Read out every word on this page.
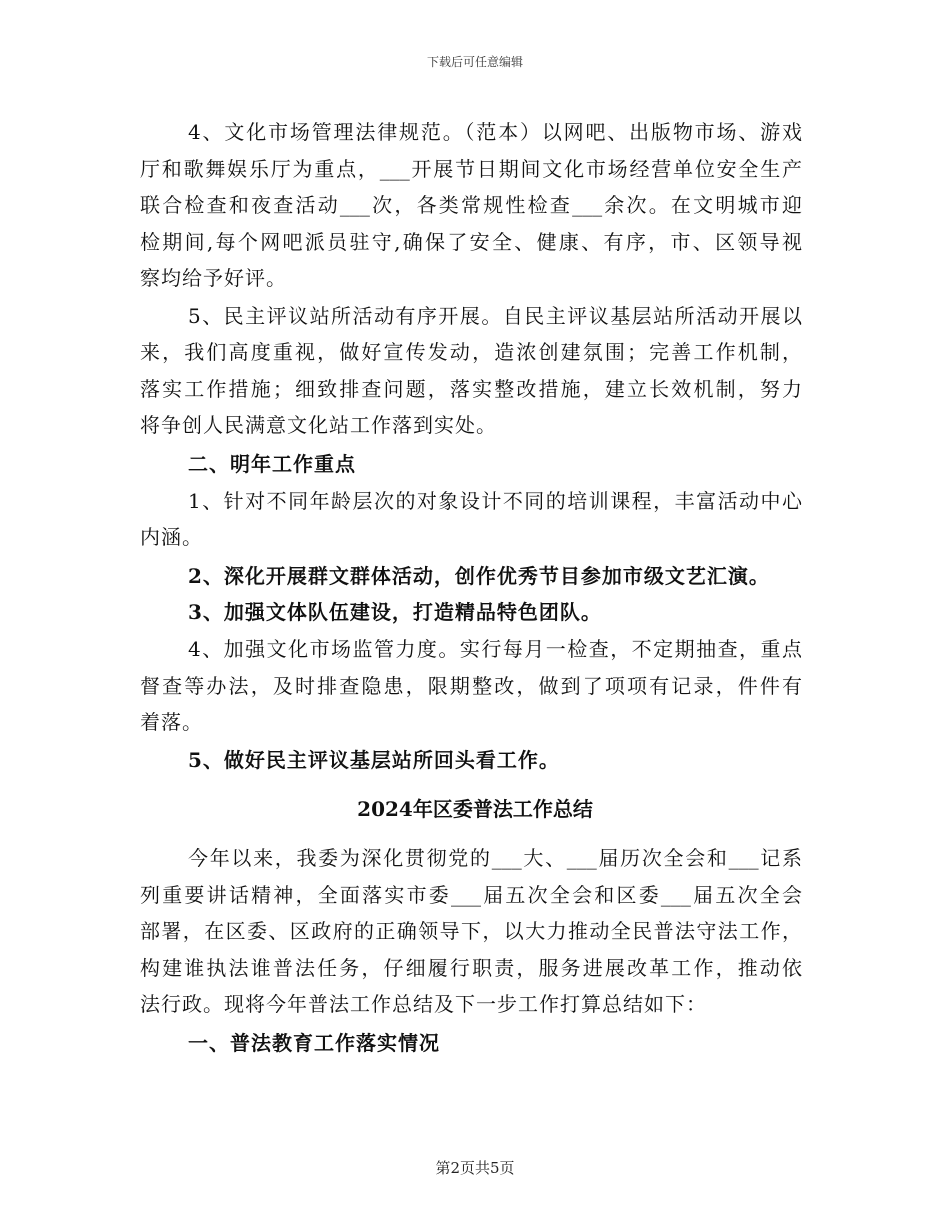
下载后可任意编辑
4、文化市场管理法律规范。（范本）以网吧、出版物市场、游戏
厅和歌舞娱乐厅为重点，___开展节日期间文化市场经营单位安全生产
联合检查和夜查活动___次，各类常规性检查___余次。在文明城市迎
检期间,每个网吧派员驻守,确保了安全、健康、有序，市、区领导视
察均给予好评。
5、民主评议站所活动有序开展。自民主评议基层站所活动开展以
来，我们高度重视，做好宣传发动，造浓创建氛围；完善工作机制，
落实工作措施；细致排查问题，落实整改措施，建立长效机制，努力
将争创人民满意文化站工作落到实处。
二、明年工作重点
1、针对不同年龄层次的对象设计不同的培训课程，丰富活动中心
内涵。
2、深化开展群文群体活动，创作优秀节目参加市级文艺汇演。
3、加强文体队伍建设，打造精品特色团队。
4、加强文化市场监管力度。实行每月一检查，不定期抽查，重点
督查等办法，及时排查隐患，限期整改，做到了项项有记录，件件有
着落。
5、做好民主评议基层站所回头看工作。
2024年区委普法工作总结
今年以来，我委为深化贯彻党的___大、___届历次全会和___记系
列重要讲话精神，全面落实市委___届五次全会和区委___届五次全会
部署，在区委、区政府的正确领导下，以大力推动全民普法守法工作，
构建谁执法谁普法任务，仔细履行职责，服务进展改革工作，推动依
法行政。现将今年普法工作总结及下一步工作打算总结如下：
一、普法教育工作落实情况
第2页共5页
